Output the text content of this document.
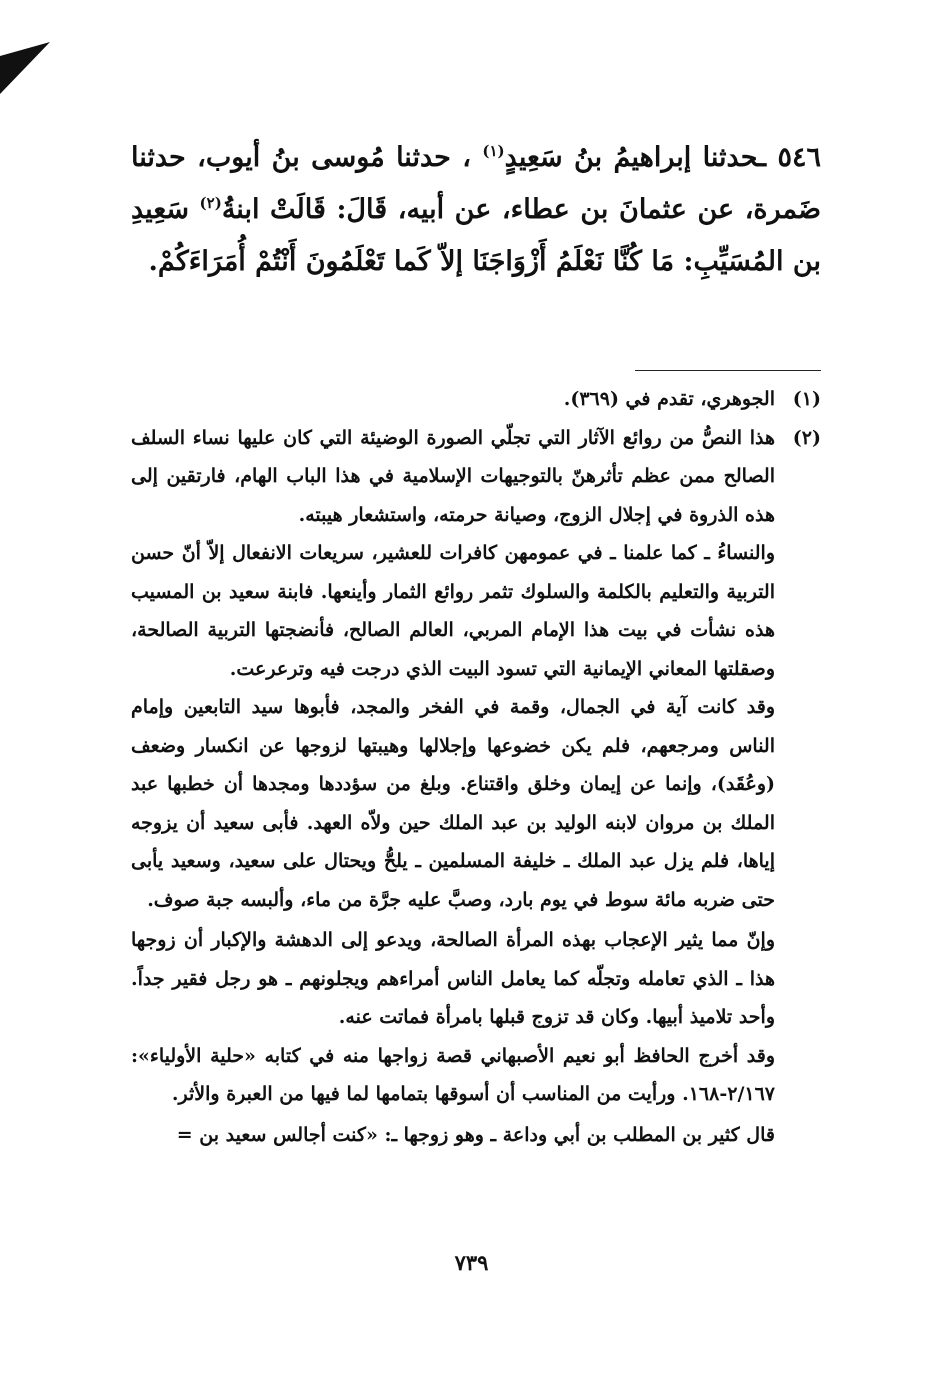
٥٤٦ ـحدثنا إبراهيمُ بنُ سَعِيدٍ$^{(١)}$ ، حدثنا مُوسى بنُ أيوب، حدثنا ضَمرة، عن عثمانَ بن عطاء، عن أبيه، قَالَ: قَالَتْ ابنةُ$^{(٢)}$ سَعِيدِ بن المُسَيِّبِ: مَا كُنَّا نَعْلَمُ أَزْوَاجَنَا إلاّ كَما تَعْلَمُونَ أَنْتُمْ أُمَرَاءَكُمْ.
(١)

الجوهري، تقدم في (٣٦٩).

(٢)

هذا النصُّ من روائع الآثار التي تجلّي الصورة الوضيئة التي كان عليها نساء السلف الصالح ممن عظم تأثرهنّ بالتوجيهات الإسلامية في هذا الباب الهام، فارتقين إلى هذه الذروة في إجلال الزوج، وصيانة حرمته، واستشعار هيبته.

والنساءُ ـ كما علمنا ـ في عمومهن كافرات للعشير، سريعات الانفعال إلاّ أنّ حسن التربية والتعليم بالكلمة والسلوك تثمر روائع الثمار وأينعها. فابنة سعيد بن المسيب هذه نشأت في بيت هذا الإمام المربي، العالم الصالح، فأنضجتها التربية الصالحة، وصقلتها المعاني الإيمانية التي تسود البيت الذي درجت فيه وترعرعت.

وقد كانت آية في الجمال، وقمة في الفخر والمجد، فأبوها سيد التابعين وإمام الناس ومرجعهم، فلم يكن خضوعها وإجلالها وهيبتها لزوجها عن انكسار وضعف (وعُقَد)، وإنما عن إيمان وخلق واقتناع. وبلغ من سؤددها ومجدها أن خطبها عبد الملك بن مروان لابنه الوليد بن عبد الملك حين ولاّه العهد. فأبى سعيد أن يزوجه إياها، فلم يزل عبد الملك ـ خليفة المسلمين ـ يلحُّ ويحتال على سعيد، وسعيد يأبى حتى ضربه مائة سوط في يوم بارد، وصبَّ عليه جرَّة من ماء، وألبسه جبة صوف.

وإنّ مما يثير الإعجاب بهذه المرأة الصالحة، ويدعو إلى الدهشة والإكبار أن زوجها هذا ـ الذي تعامله وتجلّه كما يعامل الناس أمراءهم ويجلونهم ـ هو رجل فقير جداً. وأحد تلاميذ أبيها. وكان قد تزوج قبلها بامرأة فماتت عنه.

وقد أخرج الحافظ أبو نعيم الأصبهاني قصة زواجها منه في كتابه «حلية الأولياء»: ٢/١٦٧-١٦٨. ورأيت من المناسب أن أسوقها بتمامها لما فيها من العبرة والأثر.

قال كثير بن المطلب بن أبي وداعة ـ وهو زوجها ـ: «كنت أجالس سعيد بن =

٧٣٩
